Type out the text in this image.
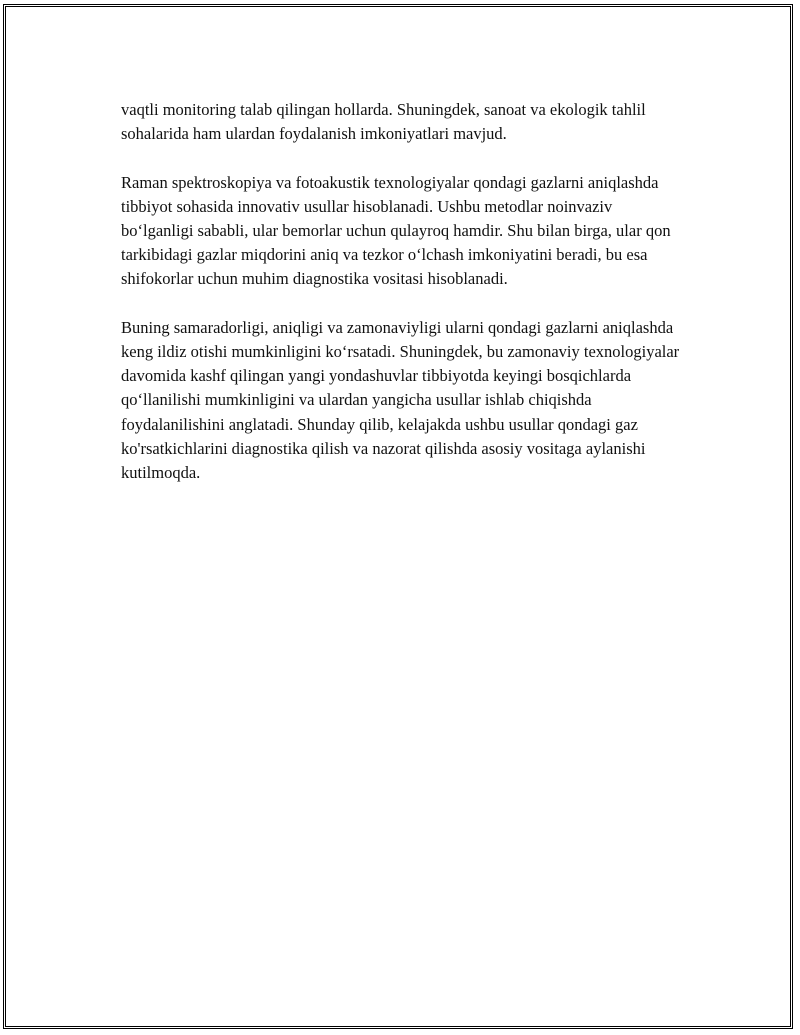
vaqtli monitoring talab qilingan hollarda. Shuningdek, sanoat va ekologik tahlil sohalarida ham ulardan foydalanish imkoniyatlari mavjud.

Raman spektroskopiya va fotoakustik texnologiyalar qondagi gazlarni aniqlashda tibbiyot sohasida innovativ usullar hisoblanadi. Ushbu metodlar noinvaziv boʻlganligi sababli, ular bemorlar uchun qulayroq hamdir. Shu bilan birga, ular qon tarkibidagi gazlar miqdorini aniq va tezkor oʻlchash imkoniyatini beradi, bu esa shifokorlar uchun muhim diagnostika vositasi hisoblanadi.

Buning samaradorligi, aniqligi va zamonaviyligi ularni qondagi gazlarni aniqlashda keng ildiz otishi mumkinligini koʻrsatadi. Shuningdek, bu zamonaviy texnologiyalar davomida kashf qilingan yangi yondashuvlar tibbiyotda keyingi bosqichlarda qoʻllanilishi mumkinligini va ulardan yangicha usullar ishlab chiqishda foydalanilishini anglatadi. Shunday qilib, kelajakda ushbu usullar qondagi gaz ko'rsatkichlarini diagnostika qilish va nazorat qilishda asosiy vositaga aylanishi kutilmoqda.
